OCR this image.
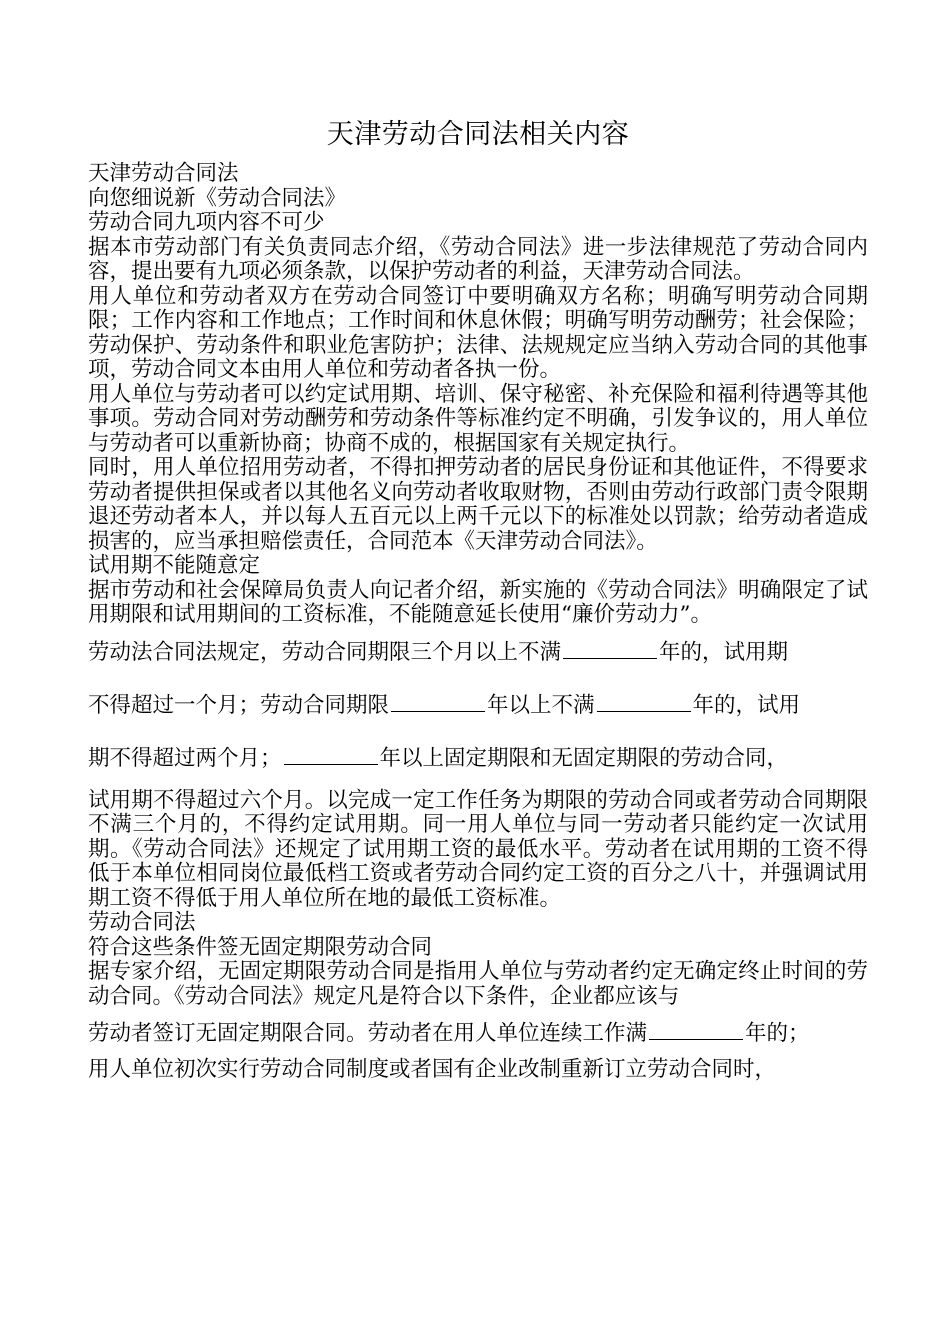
天津劳动合同法相关内容

天津劳动合同法

向您细说新《劳动合同法》

劳动合同九项内容不可少

据本市劳动部门有关负责同志介绍，《劳动合同法》进一步法律规范了劳动合同内容，提出要有九项必须条款，以保护劳动者的利益，天津劳动合同法。

用人单位和劳动者双方在劳动合同签订中要明确双方名称；明确写明劳动合同期限；工作内容和工作地点；工作时间和休息休假；明确写明劳动酬劳；社会保险；劳动保护、劳动条件和职业危害防护；法律、法规规定应当纳入劳动合同的其他事项，劳动合同文本由用人单位和劳动者各执一份。

用人单位与劳动者可以约定试用期、培训、保守秘密、补充保险和福利待遇等其他事项。劳动合同对劳动酬劳和劳动条件等标准约定不明确，引发争议的，用人单位与劳动者可以重新协商；协商不成的，根据国家有关规定执行。

同时，用人单位招用劳动者，不得扣押劳动者的居民身份证和其他证件，不得要求劳动者提供担保或者以其他名义向劳动者收取财物，否则由劳动行政部门责令限期退还劳动者本人，并以每人五百元以上两千元以下的标准处以罚款；给劳动者造成损害的，应当承担赔偿责任，合同范本《天津劳动合同法》。

试用期不能随意定

据市劳动和社会保障局负责人向记者介绍，新实施的《劳动合同法》明确限定了试用期限和试用期间的工资标准，不能随意延长使用“廉价劳动力”。

劳动法合同法规定，劳动合同期限三个月以上不满	年的，试用期

不得超过一个月；劳动合同期限	年以上不满	年的，试用

期不得超过两个月；	年以上固定期限和无固定期限的劳动合同，

试用期不得超过六个月。以完成一定工作任务为期限的劳动合同或者劳动合同期限不满三个月的，不得约定试用期。同一用人单位与同一劳动者只能约定一次试用期。《劳动合同法》还规定了试用期工资的最低水平。劳动者在试用期的工资不得低于本单位相同岗位最低档工资或者劳动合同约定工资的百分之八十，并强调试用期工资不得低于用人单位所在地的最低工资标准。

劳动合同法

符合这些条件签无固定期限劳动合同

据专家介绍，无固定期限劳动合同是指用人单位与劳动者约定无确定终止时间的劳动合同。《劳动合同法》规定凡是符合以下条件，企业都应该与

劳动者签订无固定期限合同。劳动者在用人单位连续工作满	年的；

用人单位初次实行劳动合同制度或者国有企业改制重新订立劳动合同时，
